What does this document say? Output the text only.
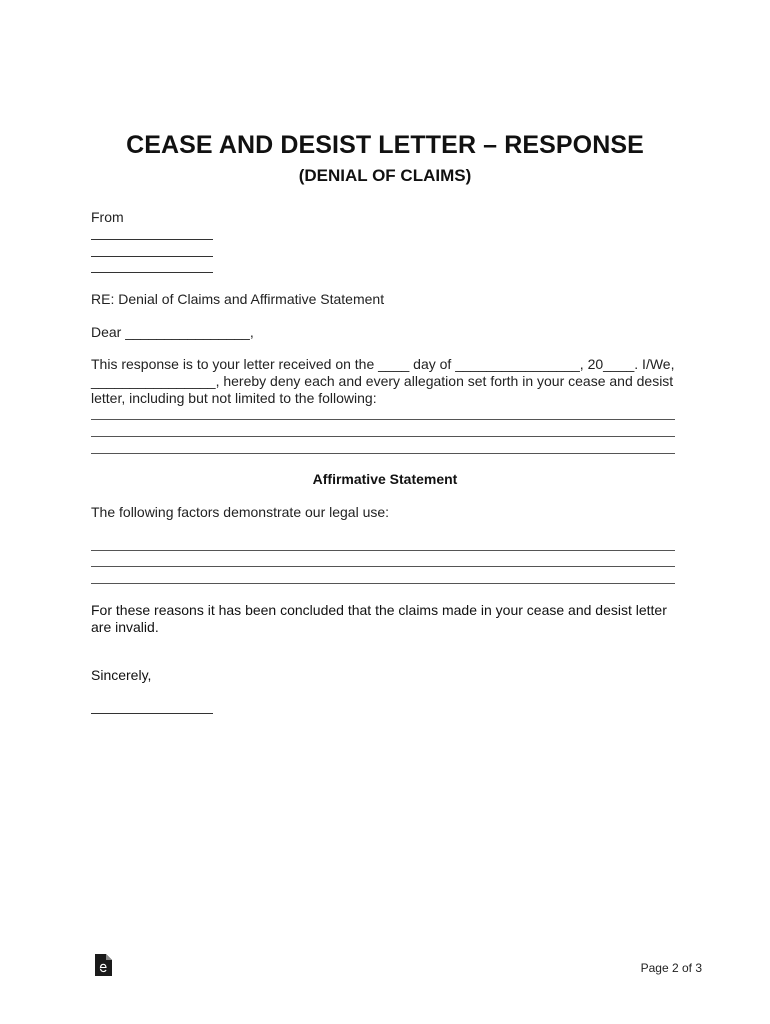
CEASE AND DESIST LETTER – RESPONSE
(DENIAL OF CLAIMS)

From

RE: Denial of Claims and Affirmative Statement

Dear ________________,

This response is to your letter received on the ____ day of ________________, 20____. I/We,

________________, hereby deny each and every allegation set forth in your cease and desist

letter, including but not limited to the following:

Affirmative Statement

The following factors demonstrate our legal use:

For these reasons it has been concluded that the claims made in your cease and desist letter

are invalid.

Sincerely,

Page 2 of 3
